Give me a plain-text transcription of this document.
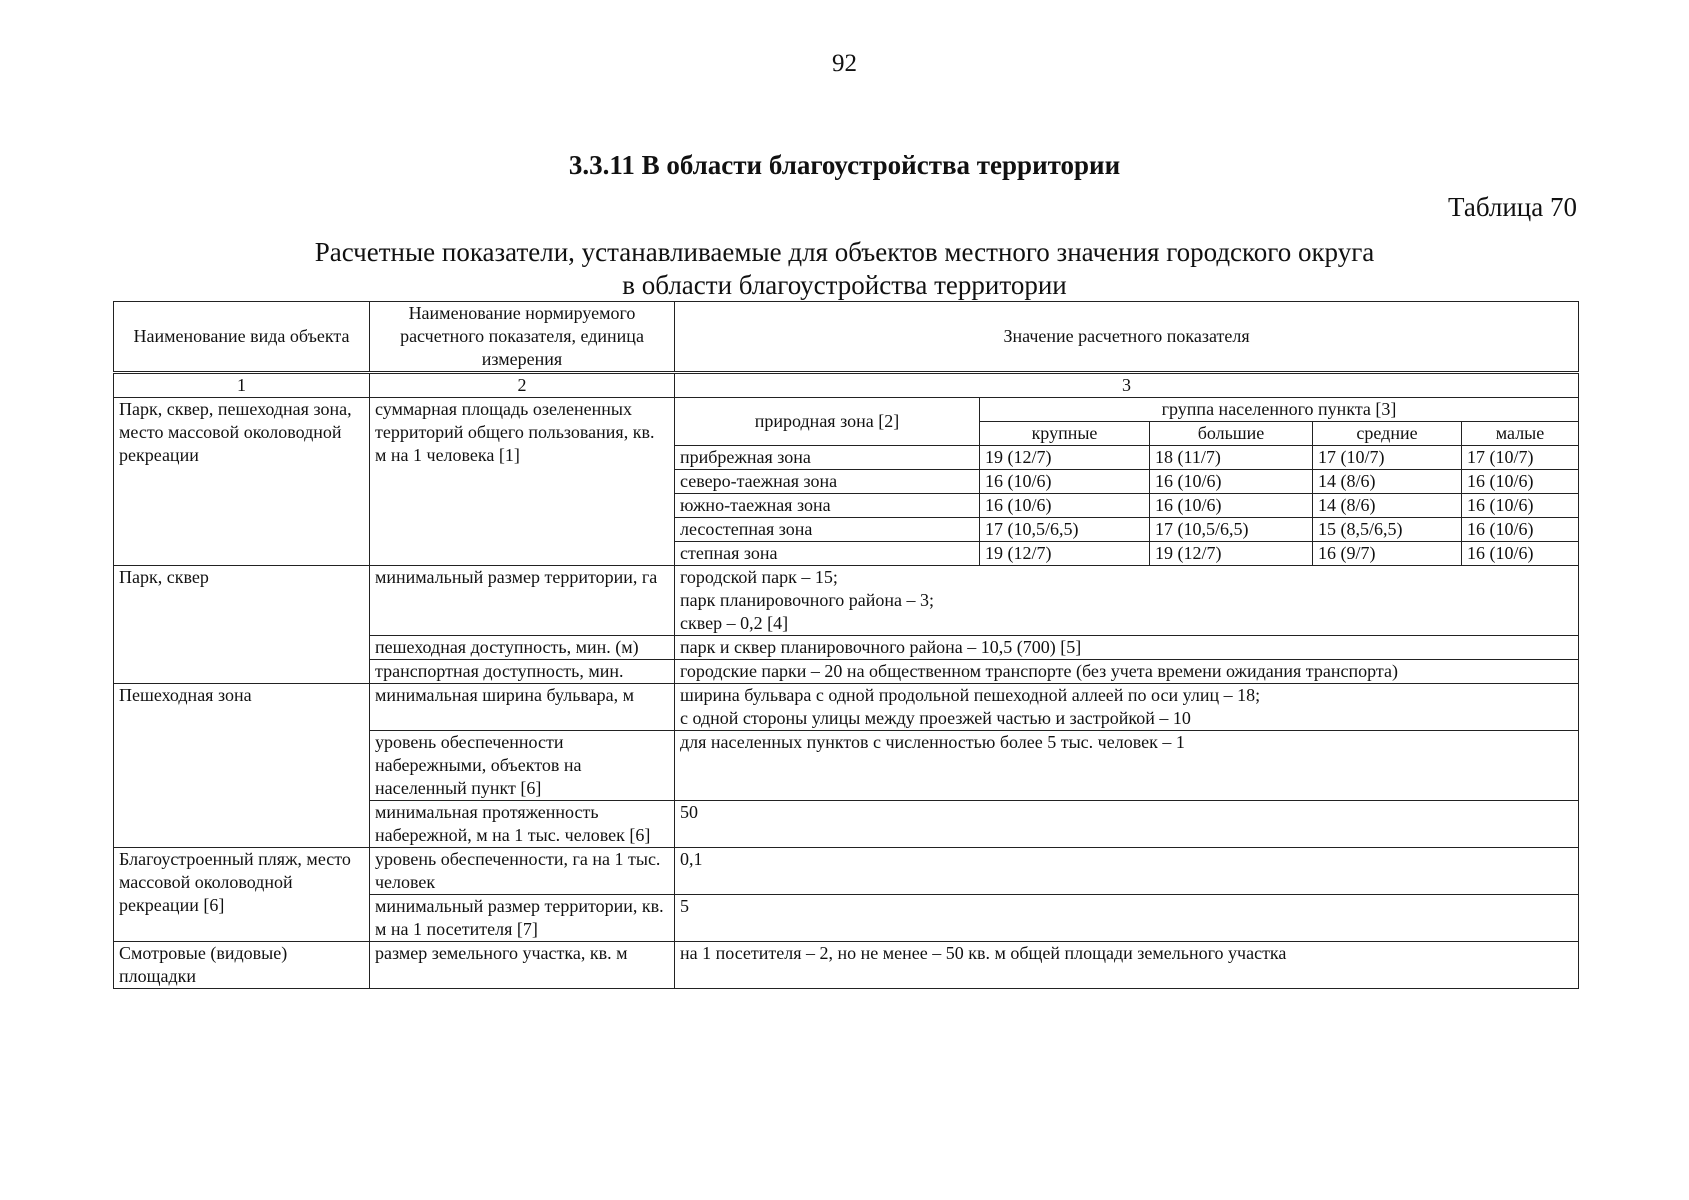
92
3.3.11 В области благоустройства территории
Таблица 70
Расчетные показатели, устанавливаемые для объектов местного значения городского округа
в области благоустройства территории
Наименование вида объекта	Наименование нормируемого расчетного показателя, единица измерения	Значение расчетного показателя				
1	2	3				
Парк, сквер, пешеходная зона, место массовой околоводной рекреации	суммарная площадь озелененных территорий общего пользования, кв. м на 1 человека [1]	природная зона [2]	группа населенного пункта [3]			
			крупные	большие	средние	малые
		прибрежная зона	19 (12/7)	18 (11/7)	17 (10/7)	17 (10/7)
		северо-таежная зона	16 (10/6)	16 (10/6)	14 (8/6)	16 (10/6)
		южно-таежная зона	16 (10/6)	16 (10/6)	14 (8/6)	16 (10/6)
		лесостепная зона	17 (10,5/6,5)	17 (10,5/6,5)	15 (8,5/6,5)	16 (10/6)
		степная зона	19 (12/7)	19 (12/7)	16 (9/7)	16 (10/6)
Парк, сквер	минимальный размер территории, га	городской парк – 15;
парк планировочного района – 3;
сквер – 0,2 [4]				

	пешеходная доступность, мин. (м)	парк и сквер планировочного района – 10,5 (700) [5]				
	транспортная доступность, мин.	городские парки – 20 на общественном транспорте (без учета времени ожидания транспорта)				
Пешеходная зона	минимальная ширина бульвара, м	ширина бульвара с одной продольной пешеходной аллеей по оси улиц – 18;
с одной стороны улицы между проезжей частью и застройкой – 10				

	уровень обеспеченности набережными, объектов на населенный пункт [6]	для населенных пунктов с численностью более 5 тыс. человек – 1				
	минимальная протяженность набережной, м на 1 тыс. человек [6]	50				
Благоустроенный пляж, место массовой околоводной рекреации [6]	уровень обеспеченности, га на 1 тыс. человек	0,1				
	минимальный размер территории, кв. м на 1 посетителя [7]	5				
Смотровые (видовые) площадки	размер земельного участка, кв. м	на 1 посетителя – 2, но не менее – 50 кв. м общей площади земельного участка				
